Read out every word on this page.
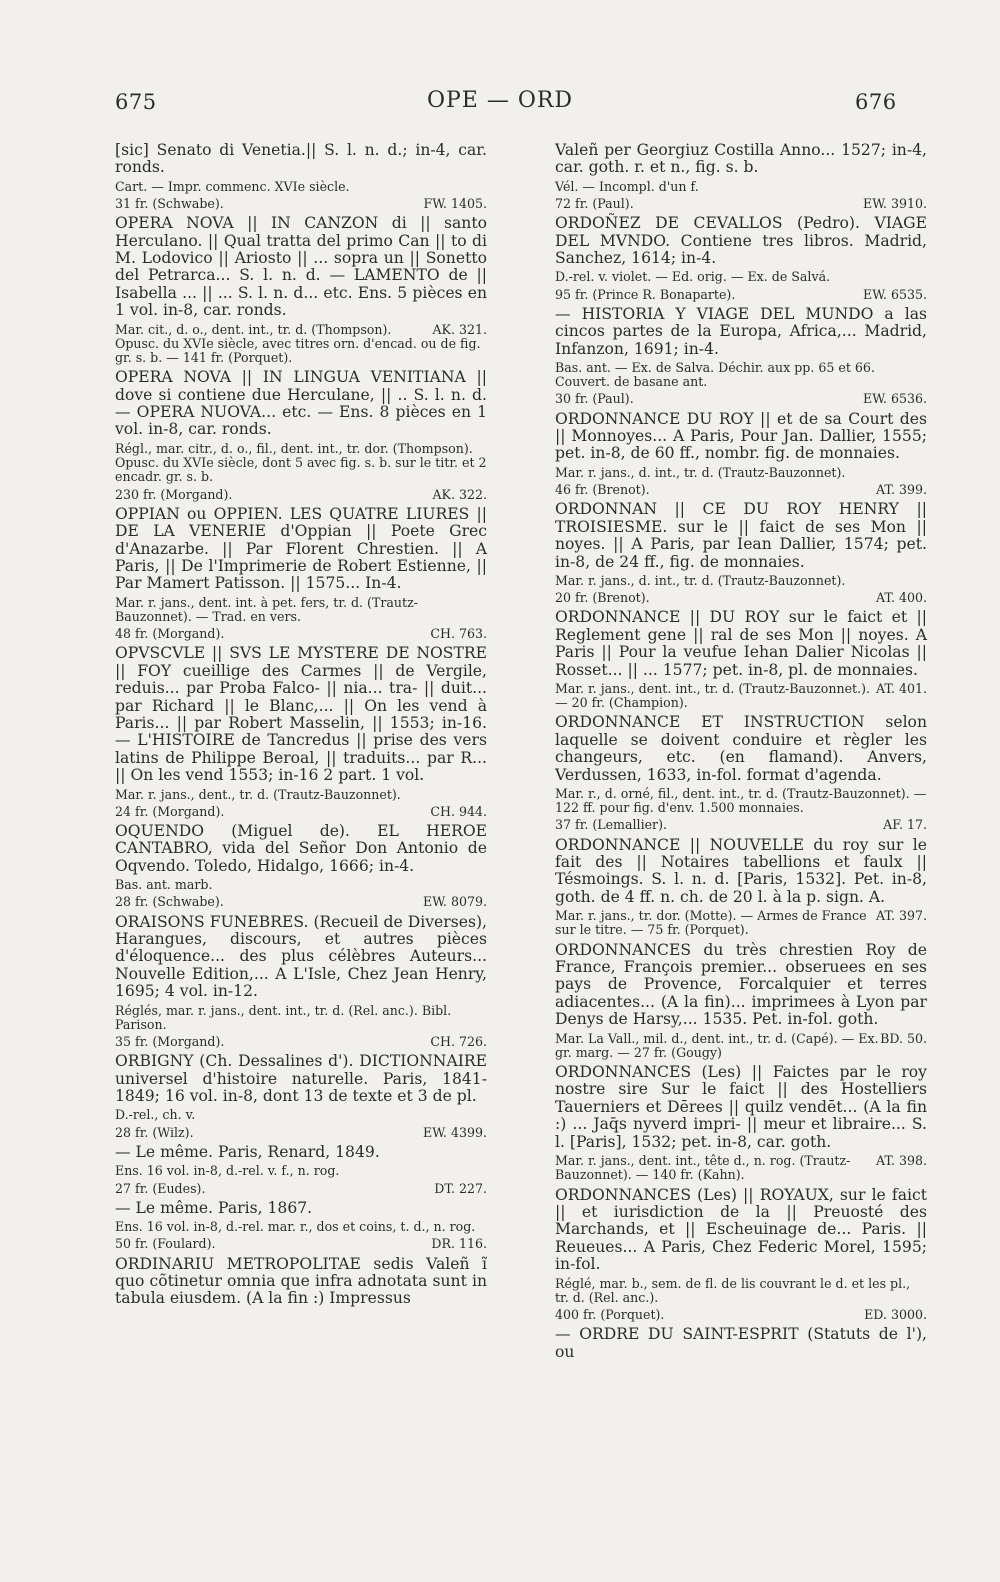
675	OPE — ORD	676
[sic] Senato di Venetia.|| S. l. n. d.; in-4, car. ronds.
Cart. — Impr. commenc. XVIe siècle.
FW. 1405.
31 fr. (Schwabe).
OPERA NOVA || IN CANZON di || santo Herculano. || Qual tratta del primo Can || to di M. Lodovico || Ariosto || ... sopra un || Sonetto del Petrarca... S. l. n. d. — LAMENTO de || Isabella ... || ... S. l. n. d... etc. Ens. 5 pièces en 1 vol. in-8, car. ronds.
AK. 321.
Mar. cit., d. o., dent. int., tr. d. (Thompson). Opusc. du XVIe siècle, avec titres orn. d'encad. ou de fig. gr. s. b. — 141 fr. (Porquet).
OPERA NOVA || IN LINGUA VENITIANA || dove si contiene due Herculane, || .. S. l. n. d. — OPERA NUOVA... etc. — Ens. 8 pièces en 1 vol. in-8, car. ronds.
Régl., mar. citr., d. o., fil., dent. int., tr. dor. (Thompson). Opusc. du XVIe siècle, dont 5 avec fig. s. b. sur le titr. et 2 encadr. gr. s. b.
AK. 322.
230 fr. (Morgand).
OPPIAN ou OPPIEN. LES QUATRE LIURES || DE LA VENERIE d'Oppian || Poete Grec d'Anazarbe. || Par Florent Chrestien. || A Paris, || De l'Imprimerie de Robert Estienne, || Par Mamert Patisson. || 1575... In-4.
Mar. r. jans., dent. int. à pet. fers, tr. d. (Trautz-Bauzonnet). — Trad. en vers.
CH. 763.
48 fr. (Morgand).
OPVSCVLE || SVS LE MYSTERE DE NOSTRE || FOY cueillige des Carmes || de Vergile, reduis... par Proba Falco- || nia... tra- || duit... par Richard || le Blanc,... || On les vend à Paris... || par Robert Masselin, || 1553; in-16. — L'HISTOIRE de Tancredus || prise des vers latins de Philippe Beroal, || traduits... par R... || On les vend 1553; in-16 2 part. 1 vol.
Mar. r. jans., dent., tr. d. (Trautz-Bauzonnet).
CH. 944.
24 fr. (Morgand).
OQUENDO (Miguel de). EL HEROE CANTABRO, vida del Señor Don Antonio de Oqvendo. Toledo, Hidalgo, 1666; in-4.
Bas. ant. marb.
EW. 8079.
28 fr. (Schwabe).
ORAISONS FUNEBRES. (Recueil de Diverses), Harangues, discours, et autres pièces d'éloquence... des plus célèbres Auteurs... Nouvelle Edition,... A L'Isle, Chez Jean Henry, 1695; 4 vol. in-12.
Réglés, mar. r. jans., dent. int., tr. d. (Rel. anc.). Bibl. Parison.
CH. 726.
35 fr. (Morgand).
ORBIGNY (Ch. Dessalines d'). DICTIONNAIRE universel d'histoire naturelle. Paris, 1841-1849; 16 vol. in-8, dont 13 de texte et 3 de pl.
D.-rel., ch. v.
EW. 4399.
28 fr. (Wilz).
— Le même. Paris, Renard, 1849.
Ens. 16 vol. in-8, d.-rel. v. f., n. rog.
DT. 227.
27 fr. (Eudes).
— Le même. Paris, 1867.
Ens. 16 vol. in-8, d.-rel. mar. r., dos et coins, t. d., n. rog.
DR. 116.
50 fr. (Foulard).
ORDINARIU METROPOLITAE sedis Valeñ ĩ quo cõtinetur omnia que infra adnotata sunt in tabula eiusdem. (A la fin :) Impressus
Valeñ per Georgiuz Costilla Anno... 1527; in-4, car. goth. r. et n., fig. s. b.
Vél. — Incompl. d'un f.
EW. 3910.
72 fr. (Paul).
ORDOÑEZ DE CEVALLOS (Pedro). VIAGE DEL MVNDO. Contiene tres libros. Madrid, Sanchez, 1614; in-4.
D.-rel. v. violet. — Ed. orig. — Ex. de Salvá.
EW. 6535.
95 fr. (Prince R. Bonaparte).
— HISTORIA Y VIAGE DEL MUNDO a las cincos partes de la Europa, Africa,... Madrid, Infanzon, 1691; in-4.
Bas. ant. — Ex. de Salva. Déchir. aux pp. 65 et 66. Couvert. de basane ant.
EW. 6536.
30 fr. (Paul).
ORDONNANCE DU ROY || et de sa Court des || Monnoyes... A Paris, Pour Jan. Dallier, 1555; pet. in-8, de 60 ff., nombr. fig. de monnaies.
Mar. r. jans., d. int., tr. d. (Trautz-Bauzonnet).
AT. 399.
46 fr. (Brenot).
ORDONNAN || CE DU ROY HENRY || TROISIESME. sur le || faict de ses Mon || noyes. || A Paris, par Iean Dallier, 1574; pet. in-8, de 24 ff., fig. de monnaies.
Mar. r. jans., d. int., tr. d. (Trautz-Bauzonnet).
AT. 400.
20 fr. (Brenot).
ORDONNANCE || DU ROY sur le faict et || Reglement gene || ral de ses Mon || noyes. A Paris || Pour la veufue Iehan Dalier Nicolas || Rosset... || ... 1577; pet. in-8, pl. de monnaies.
AT. 401.
Mar. r. jans., dent. int., tr. d. (Trautz-Bauzonnet.). — 20 fr. (Champion).
ORDONNANCE ET INSTRUCTION selon laquelle se doivent conduire et règler les changeurs, etc. (en flamand). Anvers, Verdussen, 1633, in-fol. format d'agenda.
Mar. r., d. orné, fil., dent. int., tr. d. (Trautz-Bauzonnet). — 122 ff. pour fig. d'env. 1.500 monnaies.
AF. 17.
37 fr. (Lemallier).
ORDONNANCE || NOUVELLE du roy sur le fait des || Notaires tabellions et faulx || Tésmoings. S. l. n. d. [Paris, 1532]. Pet. in-8, goth. de 4 ff. n. ch. de 20 l. à la p. sign. A.
AT. 397.
Mar. r. jans., tr. dor. (Motte). — Armes de France sur le titre. — 75 fr. (Porquet).
ORDONNANCES du très chrestien Roy de France, François premier... obseruees en ses pays de Provence, Forcalquier et terres adiacentes... (A la fin)... imprimees à Lyon par Denys de Harsy,... 1535. Pet. in-fol. goth.
BD. 50.
Mar. La Vall., mil. d., dent. int., tr. d. (Capé). — Ex. gr. marg. — 27 fr. (Gougy)
ORDONNANCES (Les) || Faictes par le roy nostre sire Sur le faict || des Hostelliers Tauerniers et Dērees || quilz vendēt... (A la fin :) ... Jaq̄s nyverd impri- || meur et libraire... S. l. [Paris], 1532; pet. in-8, car. goth.
AT. 398.
Mar. r. jans., dent. int., tête d., n. rog. (Trautz-Bauzonnet). — 140 fr. (Kahn).
ORDONNANCES (Les) || ROYAUX, sur le faict || et iurisdiction de la || Preuosté des Marchands, et || Escheuinage de... Paris. || Reueues... A Paris, Chez Federic Morel, 1595; in-fol.
Réglé, mar. b., sem. de fl. de lis couvrant le d. et les pl., tr. d. (Rel. anc.).
ED. 3000.
400 fr. (Porquet).
— ORDRE DU SAINT-ESPRIT (Statuts de l'), ou
